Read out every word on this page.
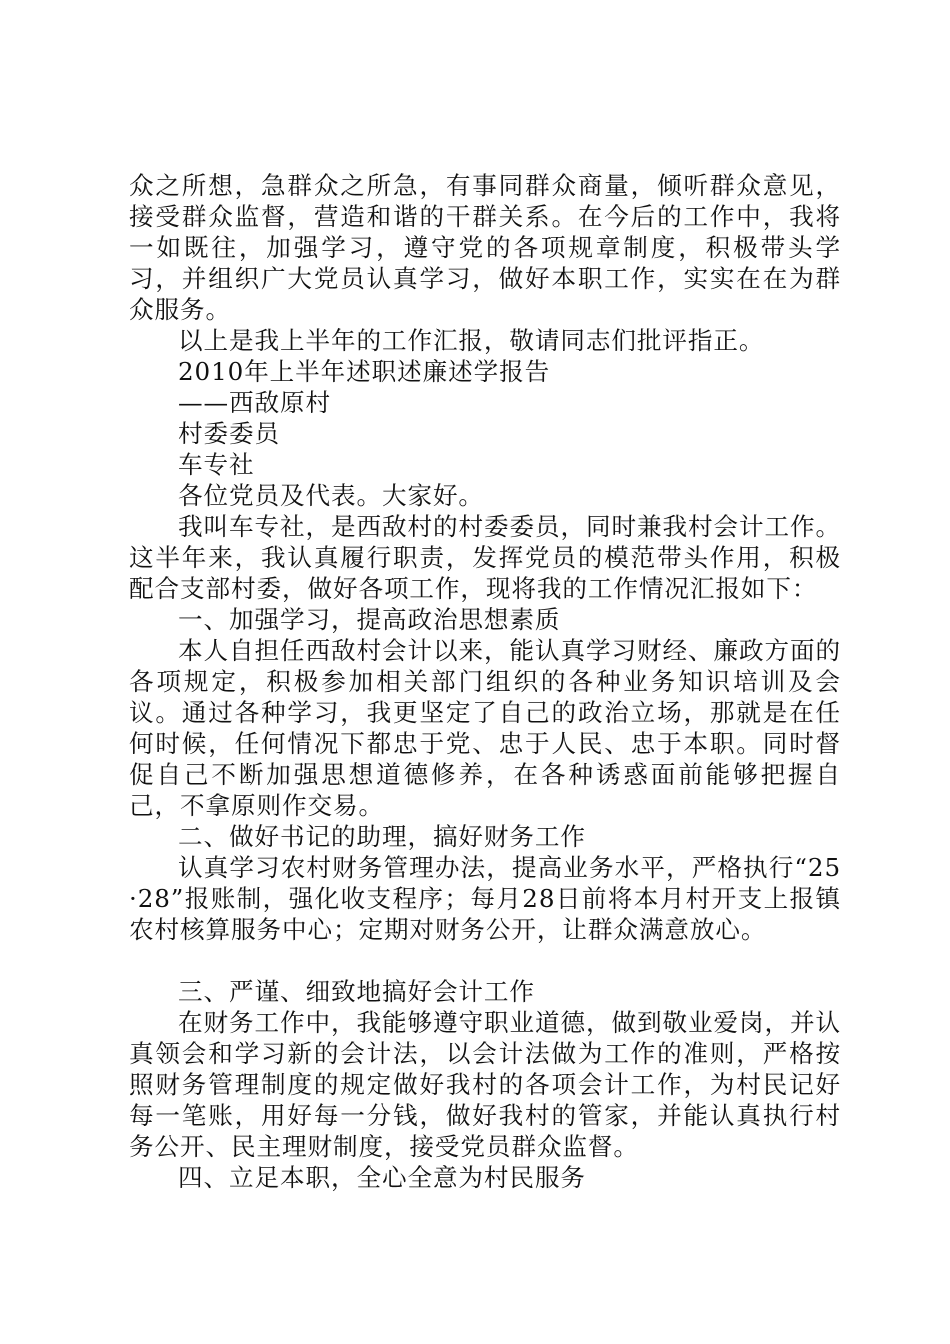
众之所想，急群众之所急，有事同群众商量，倾听群众意见，接受群众监督，营造和谐的干群关系。在今后的工作中，我将一如既往，加强学习，遵守党的各项规章制度，积极带头学习，并组织广大党员认真学习，做好本职工作，实实在在为群众服务。

以上是我上半年的工作汇报，敬请同志们批评指正。

2010年上半年述职述廉述学报告

——西敌原村

村委委员

车专社

各位党员及代表。大家好。

我叫车专社，是西敌村的村委委员，同时兼我村会计工作。这半年来，我认真履行职责，发挥党员的模范带头作用，积极配合支部村委，做好各项工作，现将我的工作情况汇报如下：

一、加强学习，提高政治思想素质

本人自担任西敌村会计以来，能认真学习财经、廉政方面的各项规定，积极参加相关部门组织的各种业务知识培训及会议。通过各种学习，我更坚定了自己的政治立场，那就是在任何时候，任何情况下都忠于党、忠于人民、忠于本职。同时督促自己不断加强思想道德修养，在各种诱惑面前能够把握自己，不拿原则作交易。

二、做好书记的助理，搞好财务工作

认真学习农村财务管理办法，提高业务水平，严格执行“25·28”报账制，强化收支程序；每月28日前将本月村开支上报镇农村核算服务中心；定期对财务公开，让群众满意放心。

三、严谨、细致地搞好会计工作

在财务工作中，我能够遵守职业道德，做到敬业爱岗，并认真领会和学习新的会计法，以会计法做为工作的准则，严格按照财务管理制度的规定做好我村的各项会计工作，为村民记好每一笔账，用好每一分钱，做好我村的管家，并能认真执行村务公开、民主理财制度，接受党员群众监督。

四、立足本职，全心全意为村民服务
